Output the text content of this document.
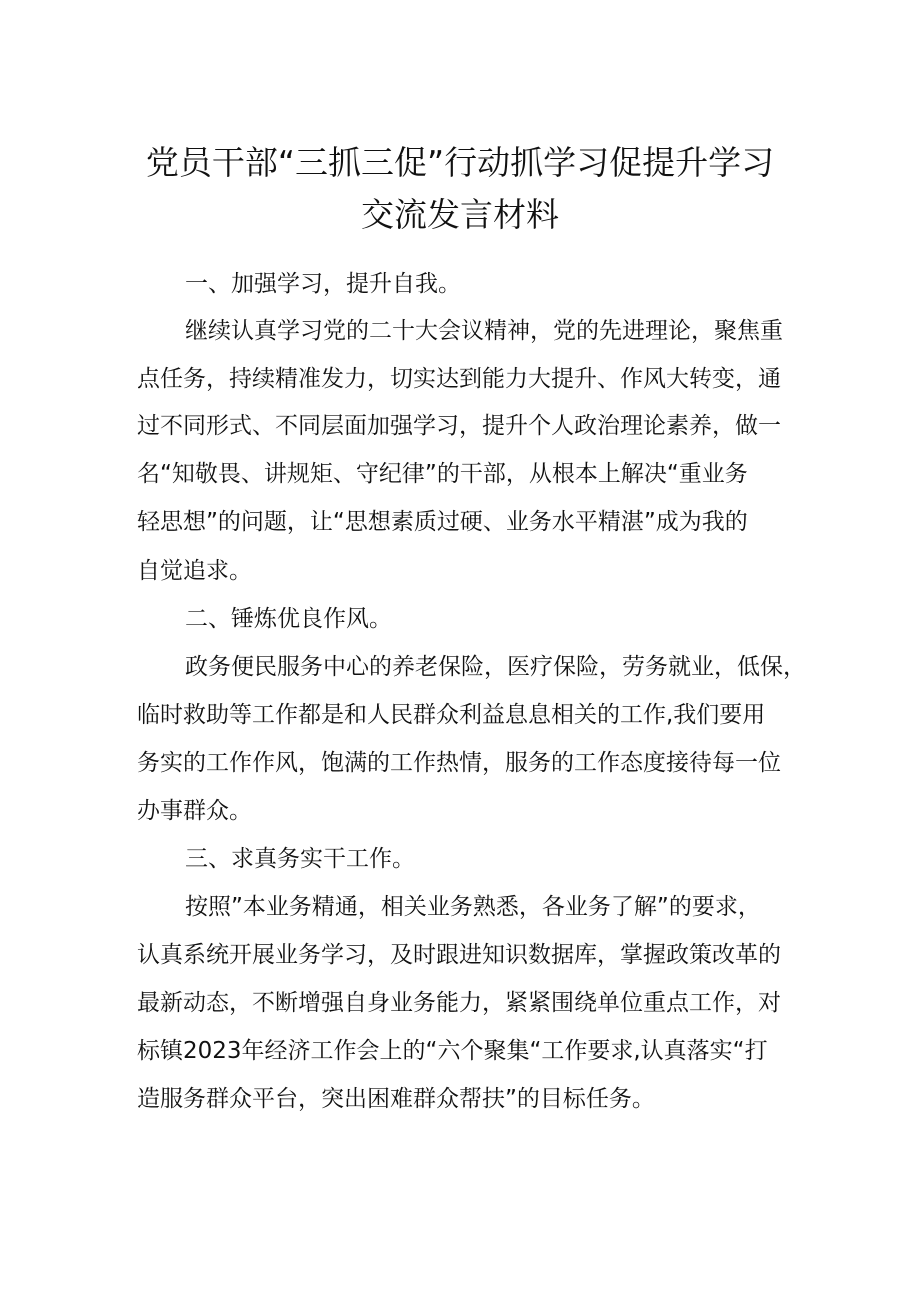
党员干部“三抓三促”行动抓学习促提升学习
交流发言材料
一、加强学习，提升自我。
继续认真学习党的二十大会议精神，党的先进理论，聚焦重
点任务，持续精准发力，切实达到能力大提升、作风大转变，通
过不同形式、不同层面加强学习，提升个人政治理论素养，做一
名“知敬畏、讲规矩、守纪律”的干部，从根本上解决“重业务
轻思想”的问题，让“思想素质过硬、业务水平精湛”成为我的
自觉追求。
二、锤炼优良作风。
政务便民服务中心的养老保险，医疗保险，劳务就业，低保，
临时救助等工作都是和人民群众利益息息相关的工作,我们要用
务实的工作作风，饱满的工作热情，服务的工作态度接待每一位
办事群众。
三、求真务实干工作。
按照”本业务精通，相关业务熟悉，各业务了解”的要求，
认真系统开展业务学习，及时跟进知识数据库，掌握政策改革的
最新动态，不断增强自身业务能力，紧紧围绕单位重点工作，对
标镇2023年经济工作会上的“六个聚集“工作要求,认真落实“打
造服务群众平台，突出困难群众帮扶”的目标任务。
